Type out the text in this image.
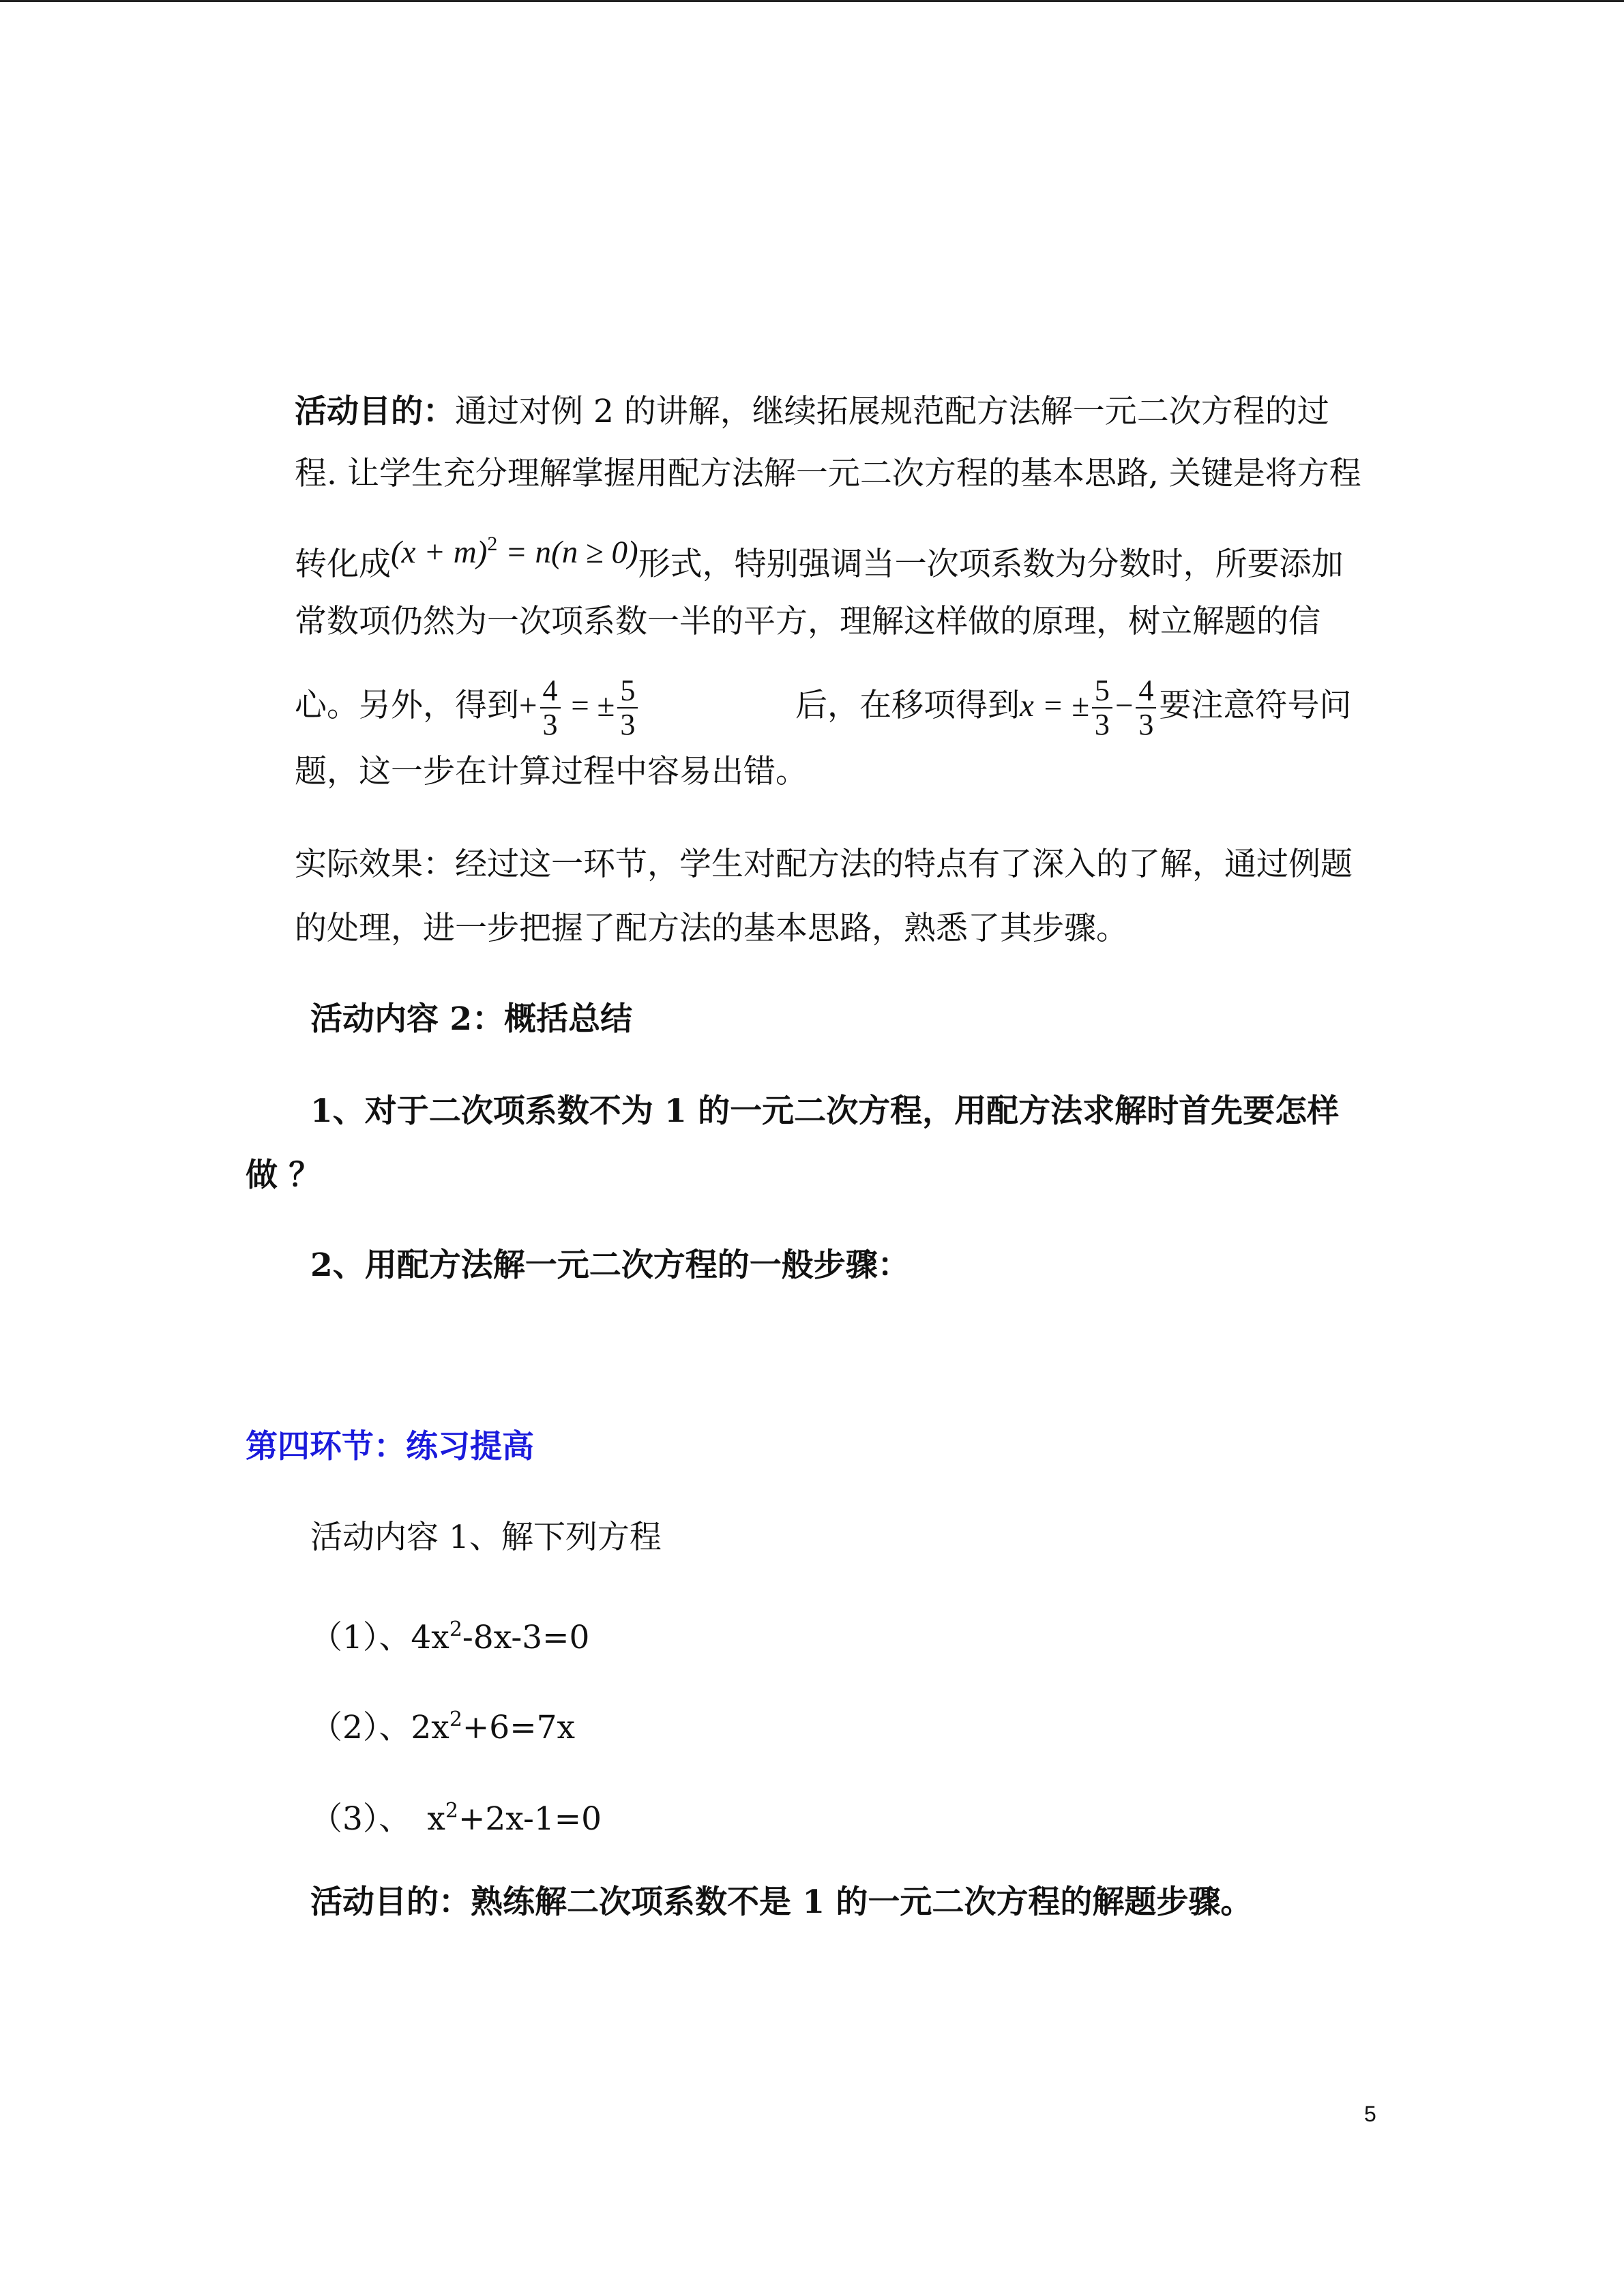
活动目的：通过对例 2 的讲解，继续拓展规范配方法解一元二次方程的过
程. 让学生充分理解掌握用配方法解一元二次方程的基本思路, 关键是将方程
转化成$(x + m)^2 = n(n \ge 0)$形式，特别强调当一次项系数为分数时，所要添加
常数项仍然为一次项系数一半的平方，理解这样做的原理，树立解题的信
心。另外，得到+ $\frac{4}{3}$ = ± $\frac{5}{3}$	后，在移项得到x = ± $\frac{5}{3} - \frac{4}{3}$ 要注意符号问
题，这一步在计算过程中容易出错。
实际效果：经过这一环节，学生对配方法的特点有了深入的了解，通过例题
的处理，进一步把握了配方法的基本思路，熟悉了其步骤。
活动内容 2：概括总结
1、对于二次项系数不为 1 的一元二次方程，用配方法求解时首先要怎样
做 ？
2、用配方法解一元二次方程的一般步骤：
第四环节：练习提高
活动内容 1、解下列方程
（1）、$4x^2-8x-3=0$
（2）、$2x^2+6=7x$
（3）、 $x^2+2x-1=0$
活动目的：熟练解二次项系数不是 1 的一元二次方程的解题步骤。
5
